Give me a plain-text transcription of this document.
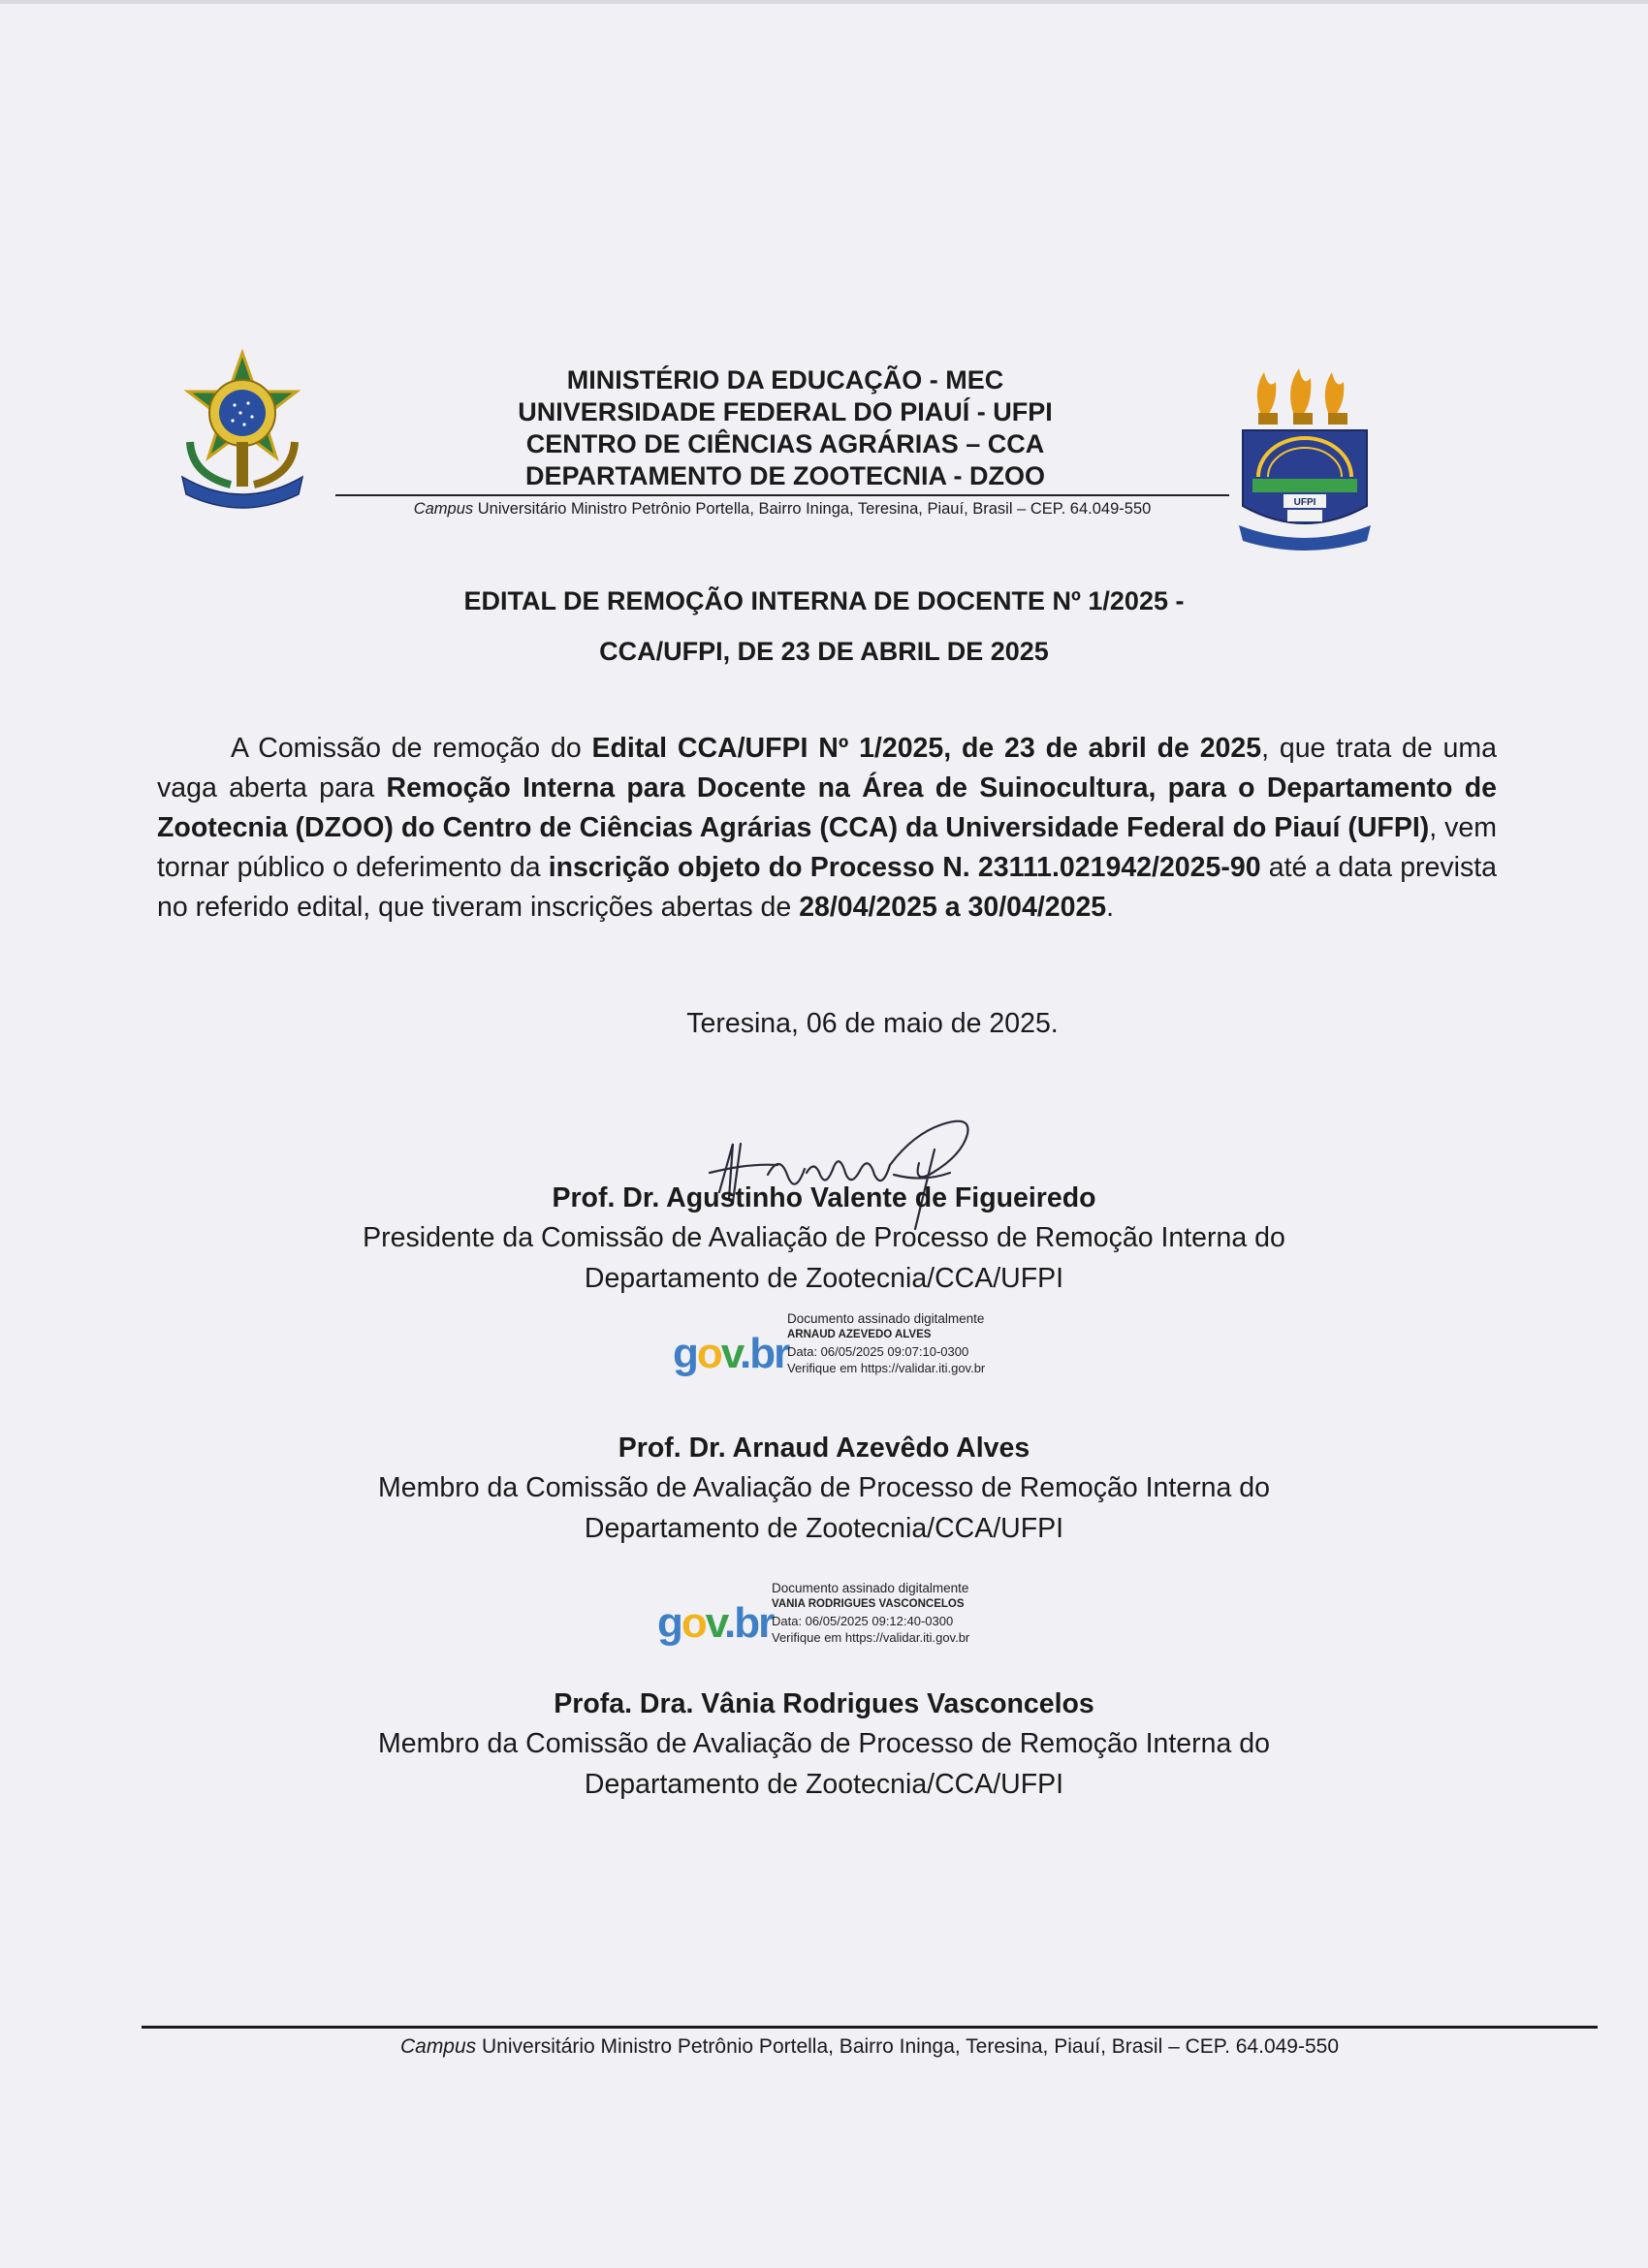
MINISTÉRIO DA EDUCAÇÃO - MEC
UNIVERSIDADE FEDERAL DO PIAUÍ - UFPI
CENTRO DE CIÊNCIAS AGRÁRIAS – CCA
DEPARTAMENTO DE ZOOTECNIA - DZOO
Campus Universitário Ministro Petrônio Portella, Bairro Ininga, Teresina, Piauí, Brasil – CEP. 64.049-550	UFPI
EDITAL DE REMOÇÃO INTERNA DE DOCENTE Nº 1/2025 -
CCA/UFPI, DE 23 DE ABRIL DE 2025
A Comissão de remoção do Edital CCA/UFPI Nº 1/2025, de 23 de abril de 2025, que trata de uma vaga aberta para Remoção Interna para Docente na Área de Suinocultura, para o Departamento de Zootecnia (DZOO) do Centro de Ciências Agrárias (CCA) da Universidade Federal do Piauí (UFPI), vem tornar público o deferimento da inscrição objeto do Processo N. 23111.021942/2025-90 até a data prevista no referido edital, que tiveram inscrições abertas de 28/04/2025 a 30/04/2025.
Teresina, 06 de maio de 2025.
Prof. Dr. Agustinho Valente de Figueiredo
Presidente da Comissão de Avaliação de Processo de Remoção Interna do
Departamento de Zootecnia/CCA/UFPI
gov.br
Documento assinado digitalmente
ARNAUD AZEVEDO ALVES
Data: 06/05/2025 09:07:10-0300
Verifique em https://validar.iti.gov.br
Prof. Dr. Arnaud Azevêdo Alves
Membro da Comissão de Avaliação de Processo de Remoção Interna do
Departamento de Zootecnia/CCA/UFPI
gov.br
Documento assinado digitalmente
VANIA RODRIGUES VASCONCELOS
Data: 06/05/2025 09:12:40-0300
Verifique em https://validar.iti.gov.br
Profa. Dra. Vânia Rodrigues Vasconcelos
Membro da Comissão de Avaliação de Processo de Remoção Interna do
Departamento de Zootecnia/CCA/UFPI
Campus Universitário Ministro Petrônio Portella, Bairro Ininga, Teresina, Piauí, Brasil – CEP. 64.049-550
